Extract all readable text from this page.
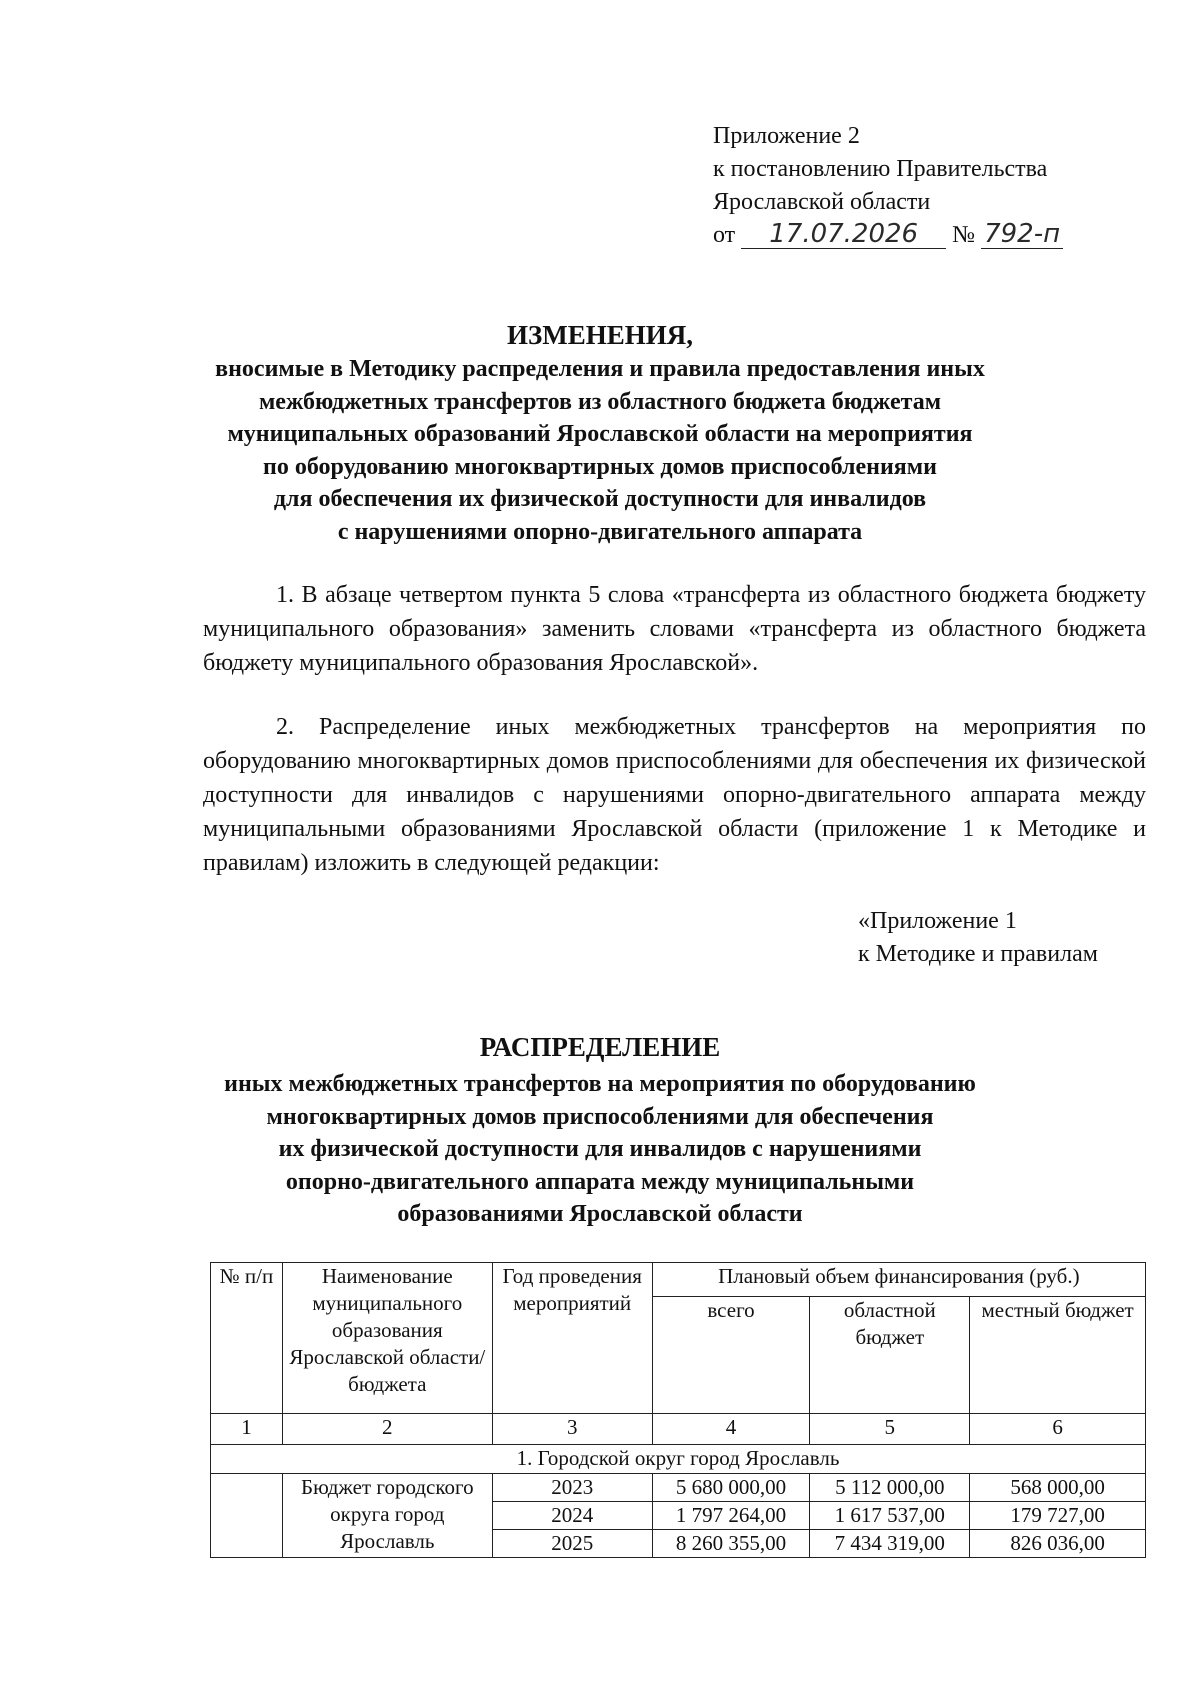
Приложение 2
к постановлению Правительства
Ярославской области
от 17.07.2026 № 792-п
ИЗМЕНЕНИЯ,
вносимые в Методику распределения и правила предоставления иных
межбюджетных трансфертов из областного бюджета бюджетам
муниципальных образований Ярославской области на мероприятия
по оборудованию многоквартирных домов приспособлениями
для обеспечения их физической доступности для инвалидов
с нарушениями опорно-двигательного аппарата

1. В абзаце четвертом пункта 5 слова «трансферта из областного бюджета бюджету муниципального образования» заменить словами «трансферта из областного бюджета бюджету муниципального образования Ярославской».

2. Распределение иных межбюджетных трансфертов на мероприятия по оборудованию многоквартирных домов приспособлениями для обеспечения их физической доступности для инвалидов с нарушениями опорно-двигательного аппарата между муниципальными образованиями Ярославской области (приложение 1 к Методике и правилам) изложить в следующей редакции:

«Приложение 1
к Методике и правилам
РАСПРЕДЕЛЕНИЕ
иных межбюджетных трансфертов на мероприятия по оборудованию
многоквартирных домов приспособлениями для обеспечения
их физической доступности для инвалидов с нарушениями
опорно-двигательного аппарата между муниципальными
образованиями Ярославской области
№ п/п	Наименование муниципального образования Ярославской области/ бюджета	Год проведения мероприятий	Плановый объем финансирования (руб.)		
			всего	областной бюджет	местный бюджет
1	2	3	4	5	6
1. Городской округ город Ярославль					
	Бюджет городского округа город Ярославль	2023	5 680 000,00	5 112 000,00	568 000,00
		2024	1 797 264,00	1 617 537,00	179 727,00
		2025	8 260 355,00	7 434 319,00	826 036,00
